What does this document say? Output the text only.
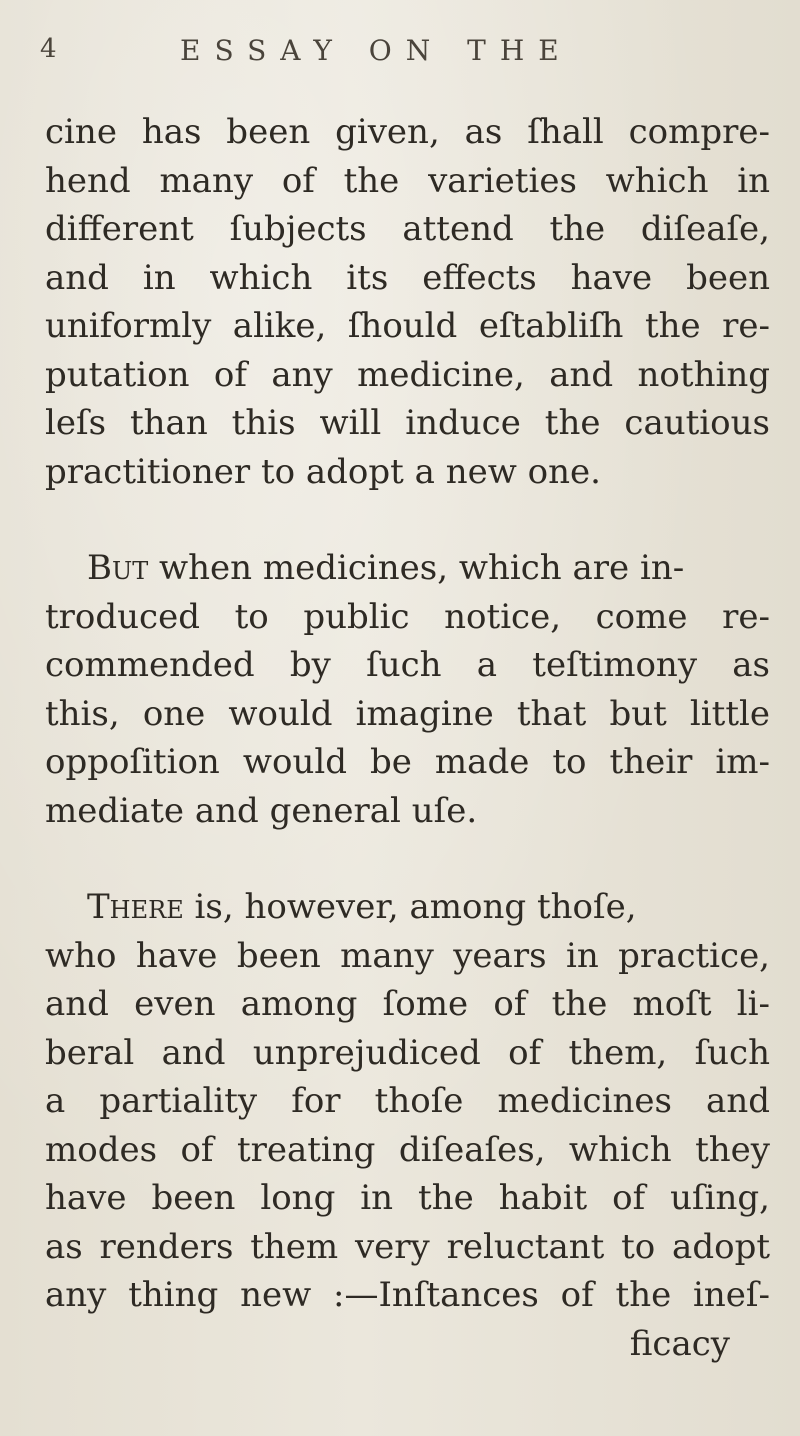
4	ESSAY ON THE
cine has been given, as ſhall compre-
hend many of the varieties which in
different ſubjects attend the diſeaſe,
and in which its effects have been
uniformly alike, ſhould eſtabliſh the re-
putation of any medicine, and nothing
leſs than this will induce the cautious
practitioner to adopt a new one.
But when medicines, which are in-
troduced to public notice, come re-
commended by ſuch a teſtimony as
this, one would imagine that but little
oppoſition would be made to their im-
mediate and general uſe.
There is, however, among thoſe,
who have been many years in practice,
and even among ſome of the moſt li-
beral and unprejudiced of them, ſuch
a partiality for thoſe medicines and
modes of treating diſeaſes, which they
have been long in the habit of uſing,
as renders them very reluctant to adopt
any thing new :—Inſtances of the ineſ-
ficacy
